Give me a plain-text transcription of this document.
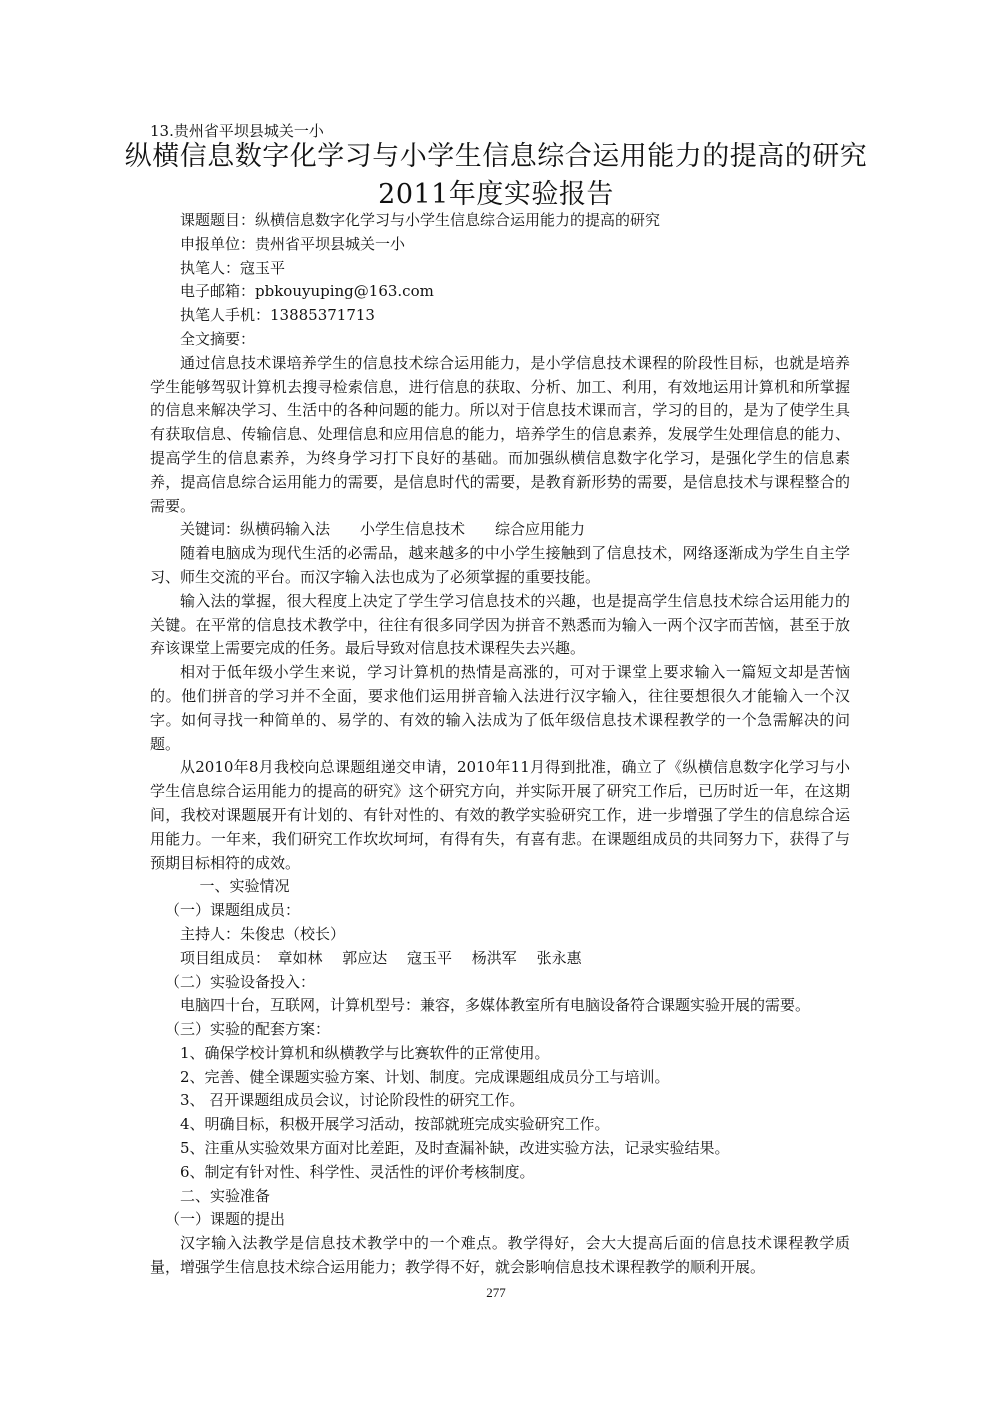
13.贵州省平坝县城关一小
纵横信息数字化学习与小学生信息综合运用能力的提高的研究
2011年度实验报告

课题题目：纵横信息数字化学习与小学生信息综合运用能力的提高的研究

申报单位：贵州省平坝县城关一小

执笔人：寇玉平

电子邮箱：pbkouyuping@163.com

执笔人手机：13885371713

全文摘要：

通过信息技术课培养学生的信息技术综合运用能力，是小学信息技术课程的阶段性目标，也就是培养学生能够驾驭计算机去搜寻检索信息，进行信息的获取、分析、加工、利用，有效地运用计算机和所掌握的信息来解决学习、生活中的各种问题的能力。所以对于信息技术课而言，学习的目的，是为了使学生具有获取信息、传输信息、处理信息和应用信息的能力，培养学生的信息素养，发展学生处理信息的能力、提高学生的信息素养，为终身学习打下良好的基础。而加强纵横信息数字化学习，是强化学生的信息素养，提高信息综合运用能力的需要，是信息时代的需要，是教育新形势的需要，是信息技术与课程整合的需要。

关键词：纵横码输入法　　小学生信息技术　　综合应用能力

随着电脑成为现代生活的必需品，越来越多的中小学生接触到了信息技术，网络逐渐成为学生自主学习、师生交流的平台。而汉字输入法也成为了必须掌握的重要技能。

输入法的掌握，很大程度上决定了学生学习信息技术的兴趣，也是提高学生信息技术综合运用能力的关键。在平常的信息技术教学中，往往有很多同学因为拼音不熟悉而为输入一两个汉字而苦恼，甚至于放弃该课堂上需要完成的任务。最后导致对信息技术课程失去兴趣。

相对于低年级小学生来说，学习计算机的热情是高涨的，可对于课堂上要求输入一篇短文却是苦恼的。他们拼音的学习并不全面，要求他们运用拼音输入法进行汉字输入，往往要想很久才能输入一个汉字。如何寻找一种简单的、易学的、有效的输入法成为了低年级信息技术课程教学的一个急需解决的问题。

从2010年8月我校向总课题组递交申请，2010年11月得到批准，确立了《纵横信息数字化学习与小学生信息综合运用能力的提高的研究》这个研究方向，并实际开展了研究工作后，已历时近一年，在这期间，我校对课题展开有计划的、有针对性的、有效的教学实验研究工作，进一步增强了学生的信息综合运用能力。一年来，我们研究工作坎坎坷坷，有得有失，有喜有悲。在课题组成员的共同努力下，获得了与预期目标相符的成效。

一、实验情况

（一）课题组成员：

主持人：朱俊忠（校长）

项目组成员：　章如林　 郭应达　 寇玉平　 杨洪军　 张永惠

（二）实验设备投入：

电脑四十台，互联网，计算机型号：兼容，多媒体教室所有电脑设备符合课题实验开展的需要。

（三）实验的配套方案：

1、确保学校计算机和纵横教学与比赛软件的正常使用。

2、完善、健全课题实验方案、计划、制度。完成课题组成员分工与培训。

3、 召开课题组成员会议，讨论阶段性的研究工作。

4、明确目标，积极开展学习活动，按部就班完成实验研究工作。

5、注重从实验效果方面对比差距，及时查漏补缺，改进实验方法，记录实验结果。

6、制定有针对性、科学性、灵活性的评价考核制度。

二、实验准备

（一）课题的提出

汉字输入法教学是信息技术教学中的一个难点。教学得好，会大大提高后面的信息技术课程教学质量，增强学生信息技术综合运用能力；教学得不好，就会影响信息技术课程教学的顺利开展。

277
